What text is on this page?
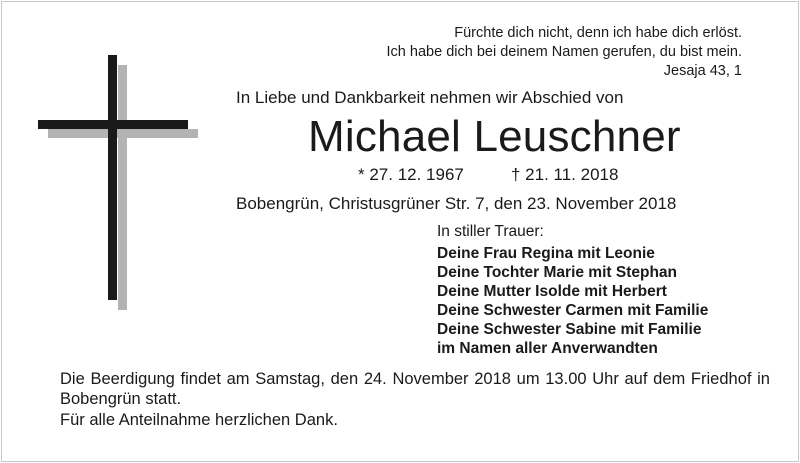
Fürchte dich nicht, denn ich habe dich erlöst.
Ich habe dich bei deinem Namen gerufen, du bist mein.
Jesaja 43, 1
In Liebe und Dankbarkeit nehmen wir Abschied von
Michael Leuschner
* 27. 12. 1967	† 21. 11. 2018
Bobengrün, Christusgrüner Str. 7, den 23. November 2018
In stiller Trauer:
Deine Frau Regina mit Leonie
Deine Tochter Marie mit Stephan
Deine Mutter Isolde mit Herbert
Deine Schwester Carmen mit Familie
Deine Schwester Sabine mit Familie
im Namen aller Anverwandten
Die Beerdigung findet am Samstag, den 24. November 2018 um 13.00 Uhr auf dem Friedhof in Bobengrün statt.
Für alle Anteilnahme herzlichen Dank.
